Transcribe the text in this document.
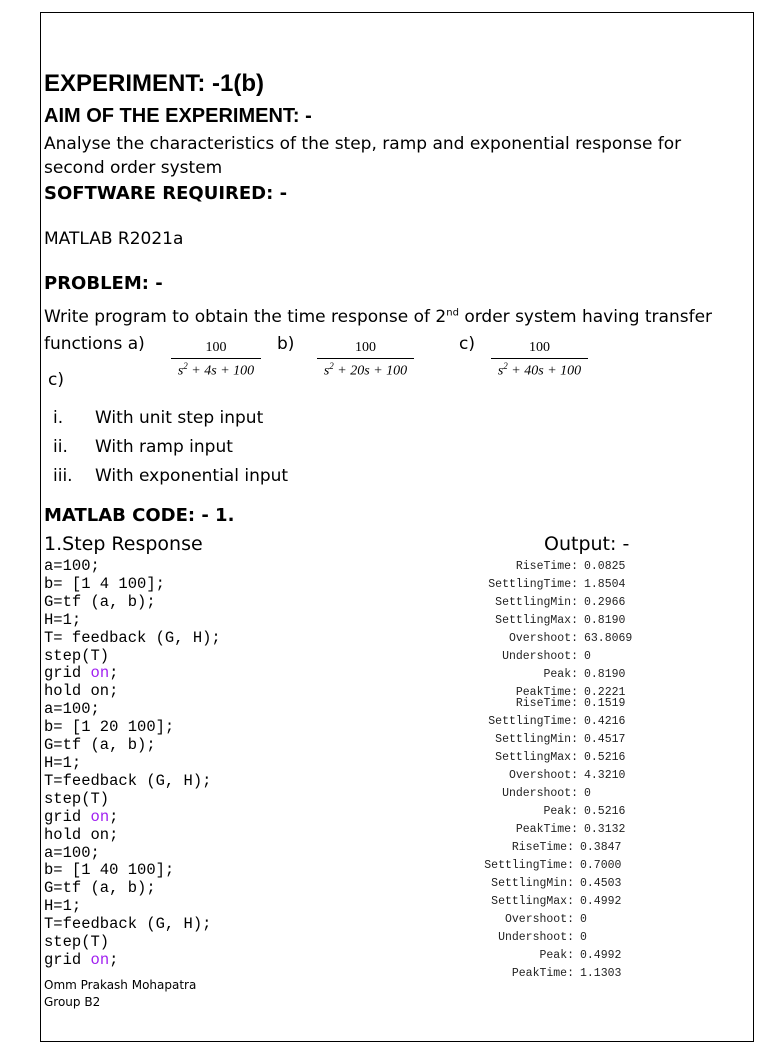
EXPERIMENT: -1(b)
AIM OF THE EXPERIMENT: -
Analyse the characteristics of the step, ramp and exponential response for second order system
SOFTWARE REQUIRED: -
MATLAB R2021a
PROBLEM: -
Write program to obtain the time response of 2nd order system having transfer
functions a)	b)	c)
c)
100
$s^2 + 4s + 100$
100
$s^2 + 20s + 100$
100
$s^2 + 40s + 100$
i. With unit step input
ii. With ramp input
iii. With exponential input
MATLAB CODE: - 1.
1.Step Response	Output: -
a=100;
b= [1 4 100];
G=tf (a, b);
H=1;
T= feedback (G, H);
step(T)
grid on;
hold on;
a=100;
b= [1 20 100];
G=tf (a, b);
H=1;
T=feedback (G, H);
step(T)
grid on;
hold on;
a=100;
b= [1 40 100];
G=tf (a, b);
H=1;
T=feedback (G, H);
step(T)
grid on;
RiseTime: 0.0825
SettlingTime: 1.8504
SettlingMin: 0.2966
SettlingMax: 0.8190
Overshoot: 63.8069
Undershoot: 0
Peak: 0.8190
PeakTime: 0.2221
RiseTime: 0.1519
SettlingTime: 0.4216
SettlingMin: 0.4517
SettlingMax: 0.5216
Overshoot: 4.3210
Undershoot: 0
Peak: 0.5216
PeakTime: 0.3132
RiseTime: 0.3847
SettlingTime: 0.7000
SettlingMin: 0.4503
SettlingMax: 0.4992
Overshoot: 0
Undershoot: 0
Peak: 0.4992
PeakTime: 1.1303
Omm Prakash Mohapatra
Group B2
